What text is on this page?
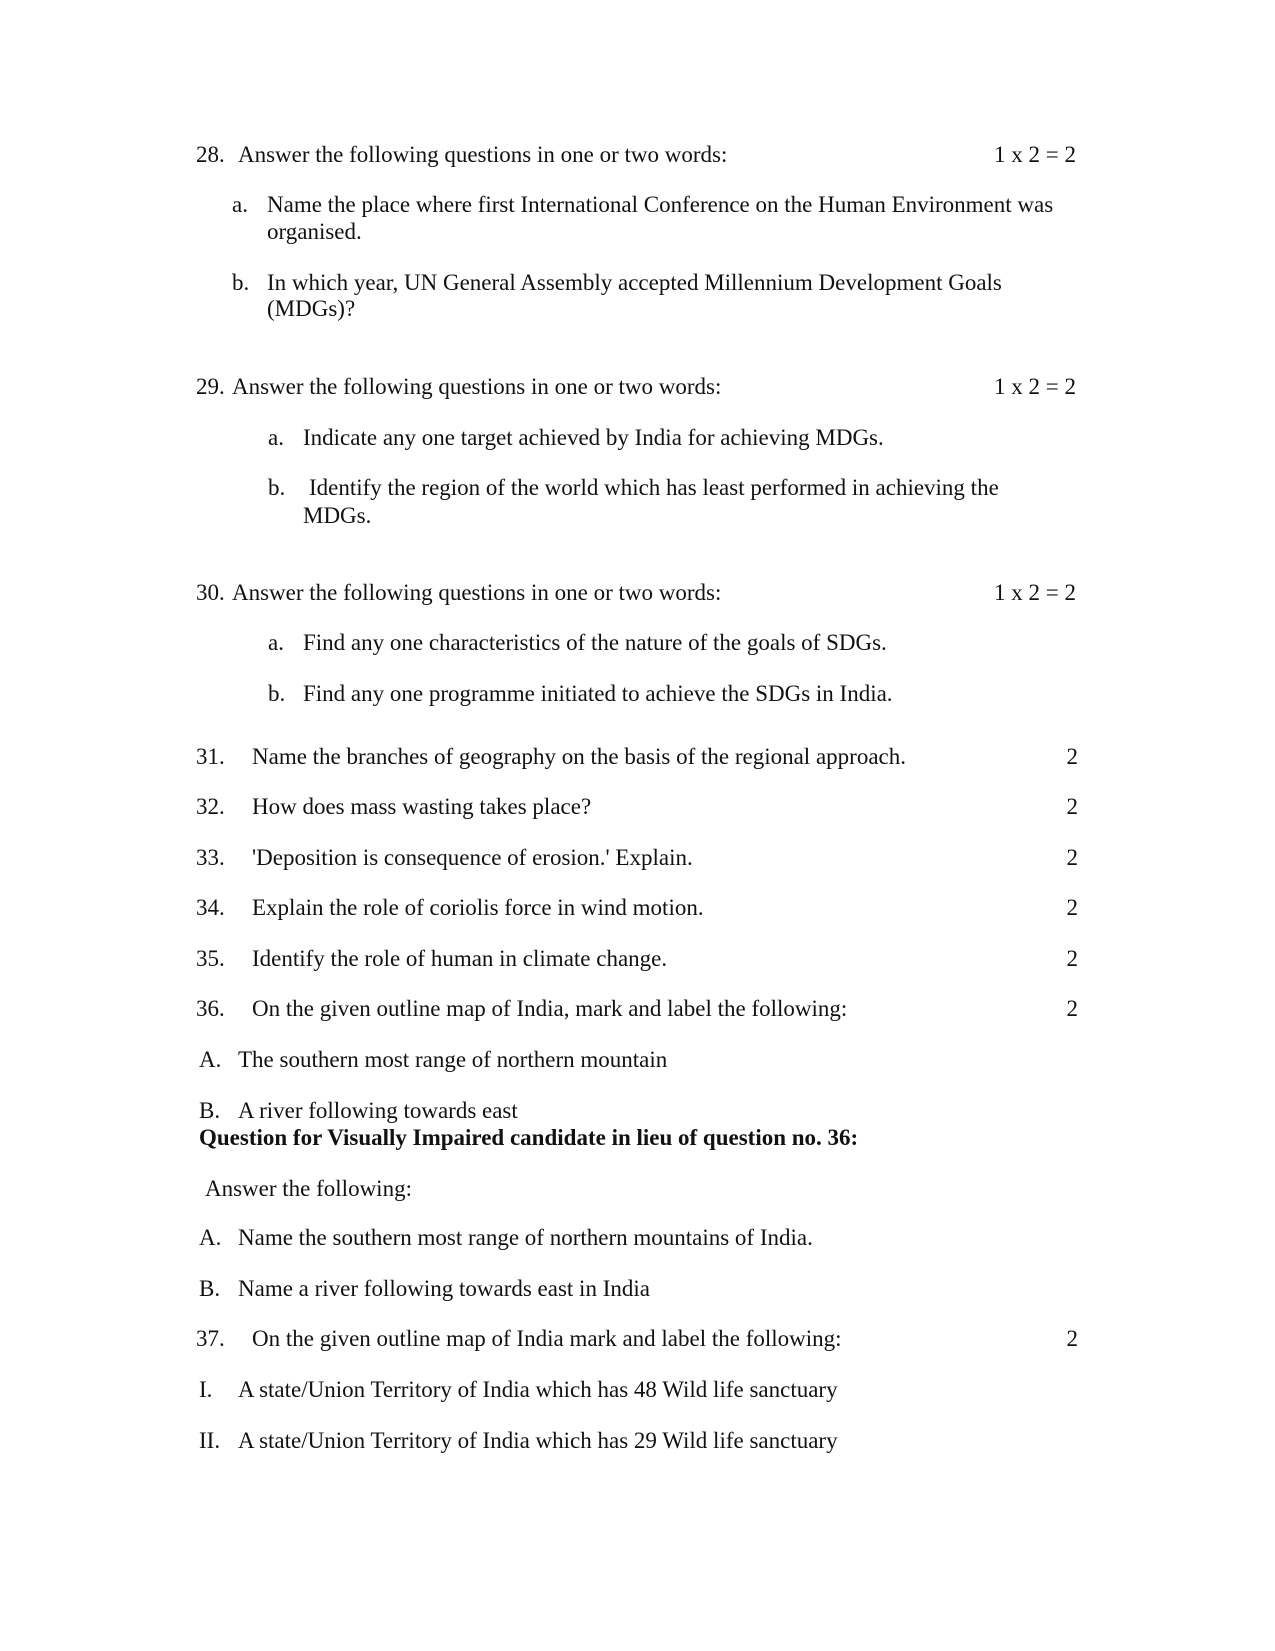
28. Answer the following questions in one or two words:	1 x 2 = 2
a. Name the place where first International Conference on the Human Environment was
organised.
b. In which year, UN General Assembly accepted Millennium Development Goals
(MDGs)?
29. Answer the following questions in one or two words:	1 x 2 = 2
a. Indicate any one target achieved by India for achieving MDGs.
b. Identify the region of the world which has least performed in achieving the
MDGs.
30. Answer the following questions in one or two words:	1 x 2 = 2
a. Find any one characteristics of the nature of the goals of SDGs.
b. Find any one programme initiated to achieve the SDGs in India.
31. Name the branches of geography on the basis of the regional approach.	2
32. How does mass wasting takes place?	2
33. 'Deposition is consequence of erosion.' Explain.	2
34. Explain the role of coriolis force in wind motion.	2
35. Identify the role of human in climate change.	2
36. On the given outline map of India, mark and label the following:	2
A. The southern most range of northern mountain
B. A river following towards east
Question for Visually Impaired candidate in lieu of question no. 36:
Answer the following:
A. Name the southern most range of northern mountains of India.
B. Name a river following towards east in India
37. On the given outline map of India mark and label the following:	2
I. A state/Union Territory of India which has 48 Wild life sanctuary
II. A state/Union Territory of India which has 29 Wild life sanctuary
